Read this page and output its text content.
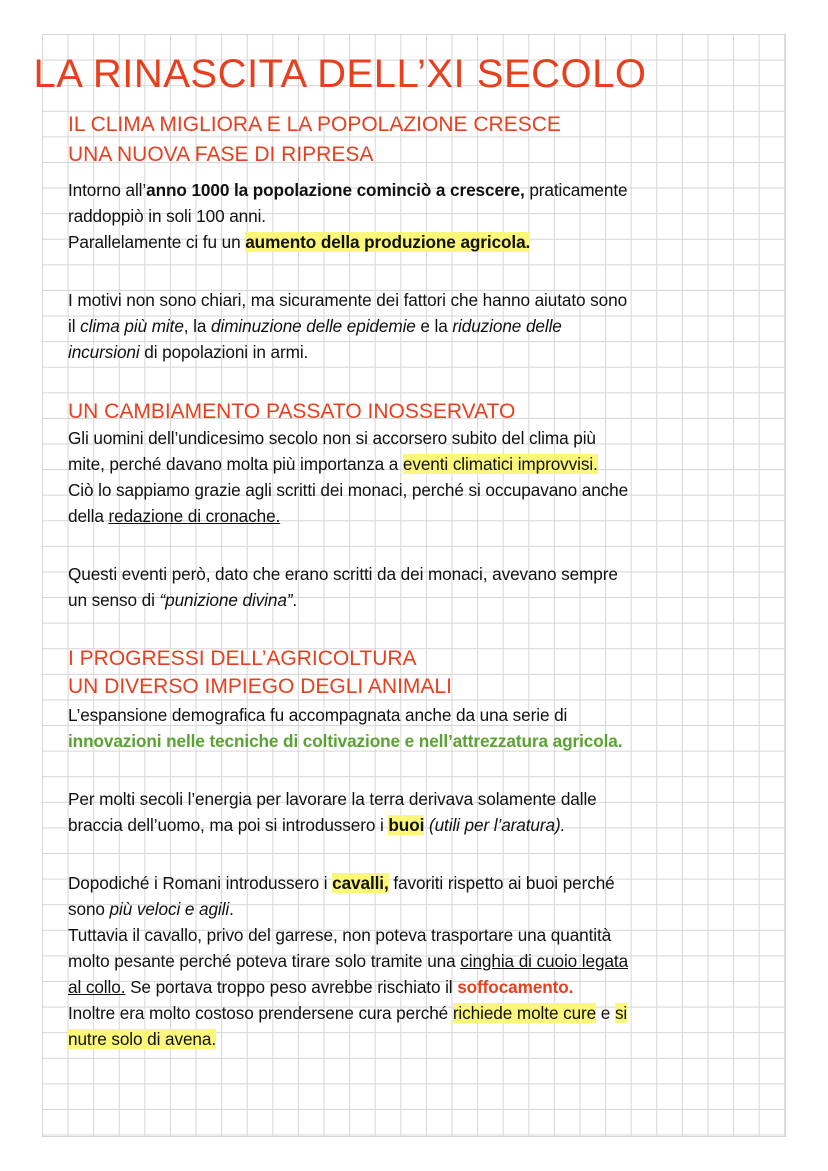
LA RINASCITA DELL’XI SECOLO
IL CLIMA MIGLIORA E LA POPOLAZIONE CRESCE
UNA NUOVA FASE DI RIPRESA
Intorno all’anno 1000 la popolazione cominciò a crescere, praticamente
raddoppiò in soli 100 anni.
Parallelamente ci fu un aumento della produzione agricola.
I motivi non sono chiari, ma sicuramente dei fattori che hanno aiutato sono
il clima più mite, la diminuzione delle epidemie e la riduzione delle
incursioni di popolazioni in armi.
UN CAMBIAMENTO PASSATO INOSSERVATO
Gli uomini dell’undicesimo secolo non si accorsero subito del clima più
mite, perché davano molta più importanza a eventi climatici improvvisi.
Ciò lo sappiamo grazie agli scritti dei monaci, perché si occupavano anche
della redazione di cronache.
Questi eventi però, dato che erano scritti da dei monaci, avevano sempre
un senso di “punizione divina”.
I PROGRESSI DELL’AGRICOLTURA
UN DIVERSO IMPIEGO DEGLI ANIMALI
L’espansione demografica fu accompagnata anche da una serie di
innovazioni nelle tecniche di coltivazione e nell’attrezzatura agricola.
Per molti secoli l’energia per lavorare la terra derivava solamente dalle
braccia dell’uomo, ma poi si introdussero i buoi (utili per l’aratura).
Dopodiché i Romani introdussero i cavalli, favoriti rispetto ai buoi perché
sono più veloci e agili.
Tuttavia il cavallo, privo del garrese, non poteva trasportare una quantità
molto pesante perché poteva tirare solo tramite una cinghia di cuoio legata
al collo. Se portava troppo peso avrebbe rischiato il soffocamento.
Inoltre era molto costoso prendersene cura perché richiede molte cure e si
nutre solo di avena.
